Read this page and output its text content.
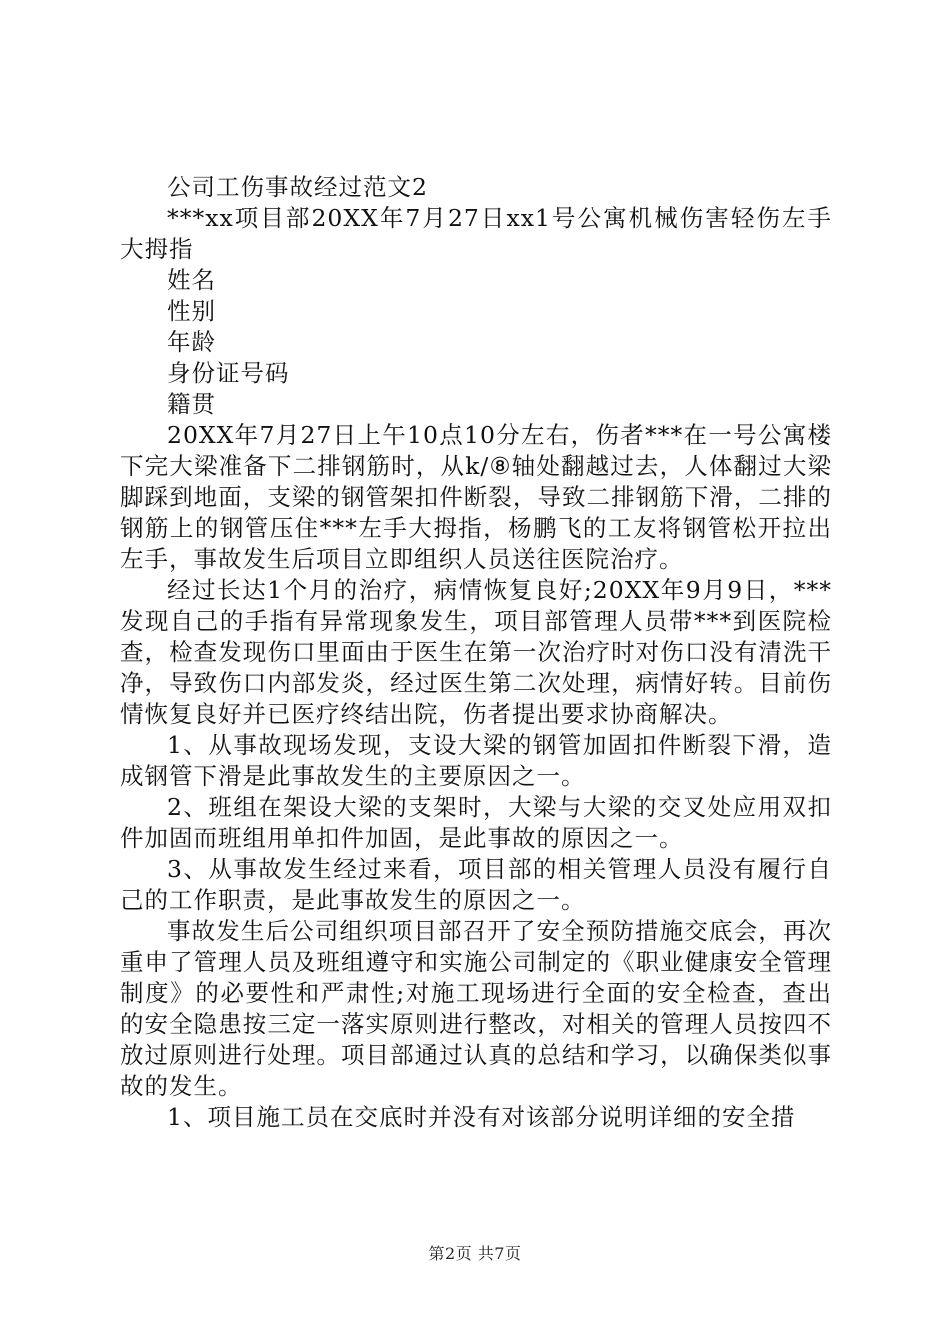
公司工伤事故经过范文2

***xx项目部20XX年7月27日xx1号公寓机械伤害轻伤左手大拇指

姓名

性别

年龄

身份证号码

籍贯

20XX年7月27日上午10点10分左右，伤者***在一号公寓楼下完大梁准备下二排钢筋时，从k/⑧轴处翻越过去，人体翻过大梁脚踩到地面，支梁的钢管架扣件断裂，导致二排钢筋下滑，二排的钢筋上的钢管压住***左手大拇指，杨鹏飞的工友将钢管松开拉出左手，事故发生后项目立即组织人员送往医院治疗。

经过长达1个月的治疗，病情恢复良好;20XX年9月9日，***发现自己的手指有异常现象发生，项目部管理人员带***到医院检查，检查发现伤口里面由于医生在第一次治疗时对伤口没有清洗干净，导致伤口内部发炎，经过医生第二次处理，病情好转。目前伤情恢复良好并已医疗终结出院，伤者提出要求协商解决。

1、从事故现场发现，支设大梁的钢管加固扣件断裂下滑，造成钢管下滑是此事故发生的主要原因之一。

2、班组在架设大梁的支架时，大梁与大梁的交叉处应用双扣件加固而班组用单扣件加固，是此事故的原因之一。

3、从事故发生经过来看，项目部的相关管理人员没有履行自己的工作职责，是此事故发生的原因之一。

事故发生后公司组织项目部召开了安全预防措施交底会，再次重申了管理人员及班组遵守和实施公司制定的《职业健康安全管理制度》的必要性和严肃性;对施工现场进行全面的安全检查，查出的安全隐患按三定一落实原则进行整改，对相关的管理人员按四不放过原则进行处理。项目部通过认真的总结和学习，以确保类似事故的发生。

1、项目施工员在交底时并没有对该部分说明详细的安全措

第2页 共7页
